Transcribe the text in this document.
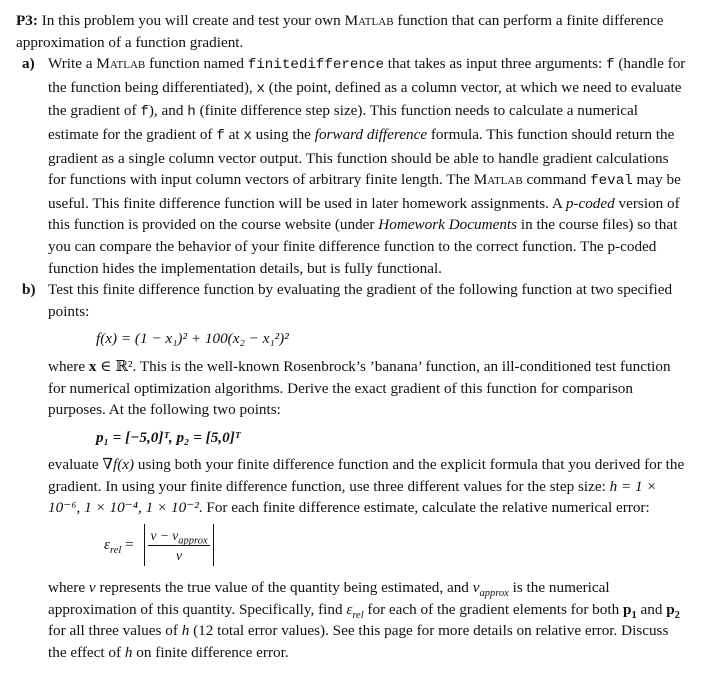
P3: In this problem you will create and test your own Matlab function that can perform a finite difference approximation of a function gradient.

a) Write a Matlab function named finitedifference that takes as input three arguments: f (handle for the function being differentiated), x (the point, defined as a column vector, at which we need to evaluate the gradient of f), and h (finite difference step size). This function needs to calculate a numerical estimate for the gradient of f at x using the forward difference formula. This function should return the gradient as a single column vector output. This function should be able to handle gradient calculations for functions with input column vectors of arbitrary finite length. The Matlab command feval may be useful. This finite difference function will be used in later homework assignments. A p-coded version of this function is provided on the course website (under Homework Documents in the course files) so that you can compare the behavior of your finite difference function to the correct function. The p-coded function hides the implementation details, but is fully functional.

b) Test this finite difference function by evaluating the gradient of the following function at two specified points:

f(x) = (1 − x₁)² + 100(x₂ − x₁²)²

where x ∈ ℝ². This is the well-known Rosenbrock’s ’banana’ function, an ill-conditioned test function for numerical optimization algorithms. Derive the exact gradient of this function for comparison purposes. At the following two points:

p₁ = [−5,0]ᵀ, p₂ = [5,0]ᵀ

evaluate ∇f(x) using both your finite difference function and the explicit formula that you derived for the gradient. In using your finite difference function, use three different values for the step size: h = 1 × 10⁻⁶, 1 × 10⁻⁴, 1 × 10⁻². For each finite difference estimate, calculate the relative numerical error:

$\varepsilon_{rel} = \frac{v - v_{approx}}{v}$

where v represents the true value of the quantity being estimated, and $v_{approx}$ is the numerical approximation of this quantity. Specifically, find $\varepsilon_{rel}$ for each of the gradient elements for both $p_1$ and $p_2$ for all three values of h (12 total error values). See this page for more details on relative error. Discuss the effect of h on finite difference error.
